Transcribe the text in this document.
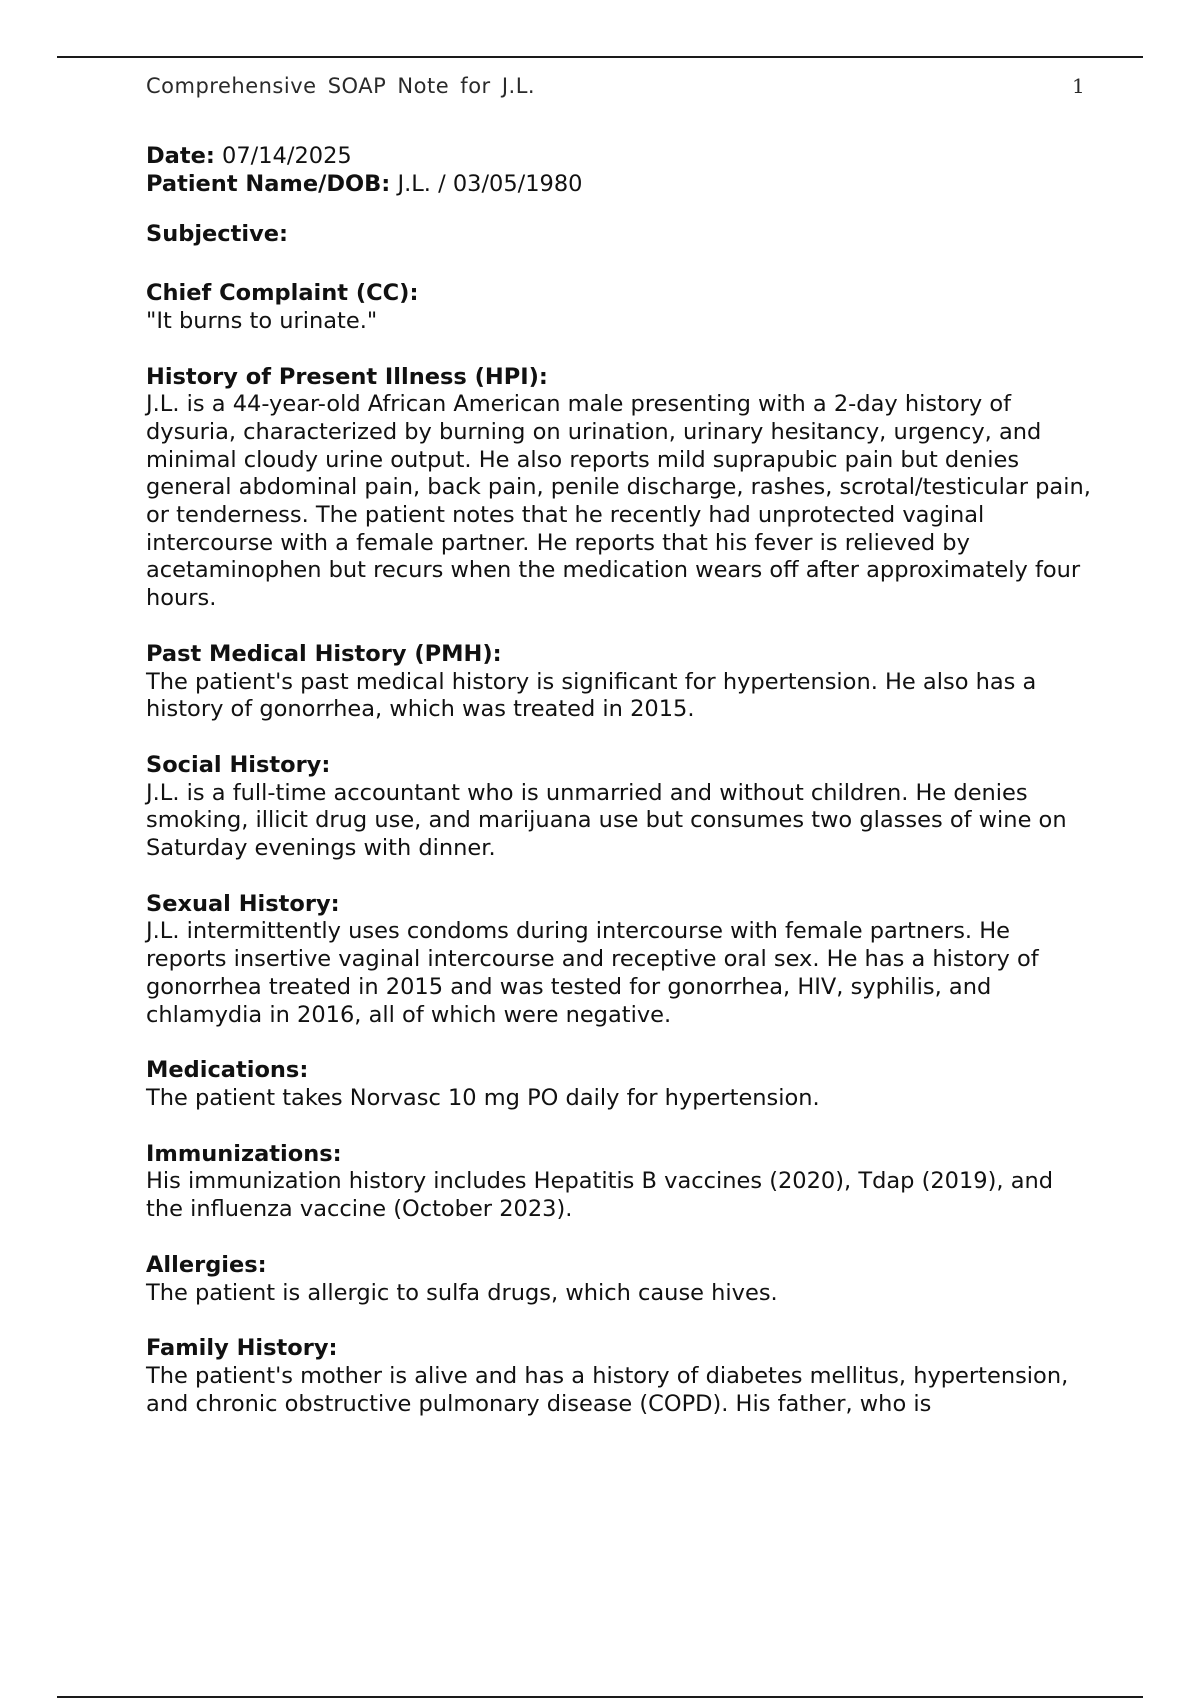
Comprehensive SOAP Note for J.L.	1

Date: 07/14/2025

Patient Name/DOB: J.L. / 03/05/1980

Subjective:

Chief Complaint (CC):

"It burns to urinate."

History of Present Illness (HPI):

J.L. is a 44-year-old African American male presenting with a 2-day history of dysuria, characterized by burning on urination, urinary hesitancy, urgency, and minimal cloudy urine output. He also reports mild suprapubic pain but denies general abdominal pain, back pain, penile discharge, rashes, scrotal/testicular pain, or tenderness. The patient notes that he recently had unprotected vaginal intercourse with a female partner. He reports that his fever is relieved by acetaminophen but recurs when the medication wears off after approximately four hours.

Past Medical History (PMH):

The patient's past medical history is significant for hypertension. He also has a history of gonorrhea, which was treated in 2015.

Social History:

J.L. is a full-time accountant who is unmarried and without children. He denies smoking, illicit drug use, and marijuana use but consumes two glasses of wine on Saturday evenings with dinner.

Sexual History:

J.L. intermittently uses condoms during intercourse with female partners. He reports insertive vaginal intercourse and receptive oral sex. He has a history of gonorrhea treated in 2015 and was tested for gonorrhea, HIV, syphilis, and chlamydia in 2016, all of which were negative.

Medications:

The patient takes Norvasc 10 mg PO daily for hypertension.

Immunizations:

His immunization history includes Hepatitis B vaccines (2020), Tdap (2019), and the influenza vaccine (October 2023).

Allergies:

The patient is allergic to sulfa drugs, which cause hives.

Family History:

The patient's mother is alive and has a history of diabetes mellitus, hypertension, and chronic obstructive pulmonary disease (COPD). His father, who is
